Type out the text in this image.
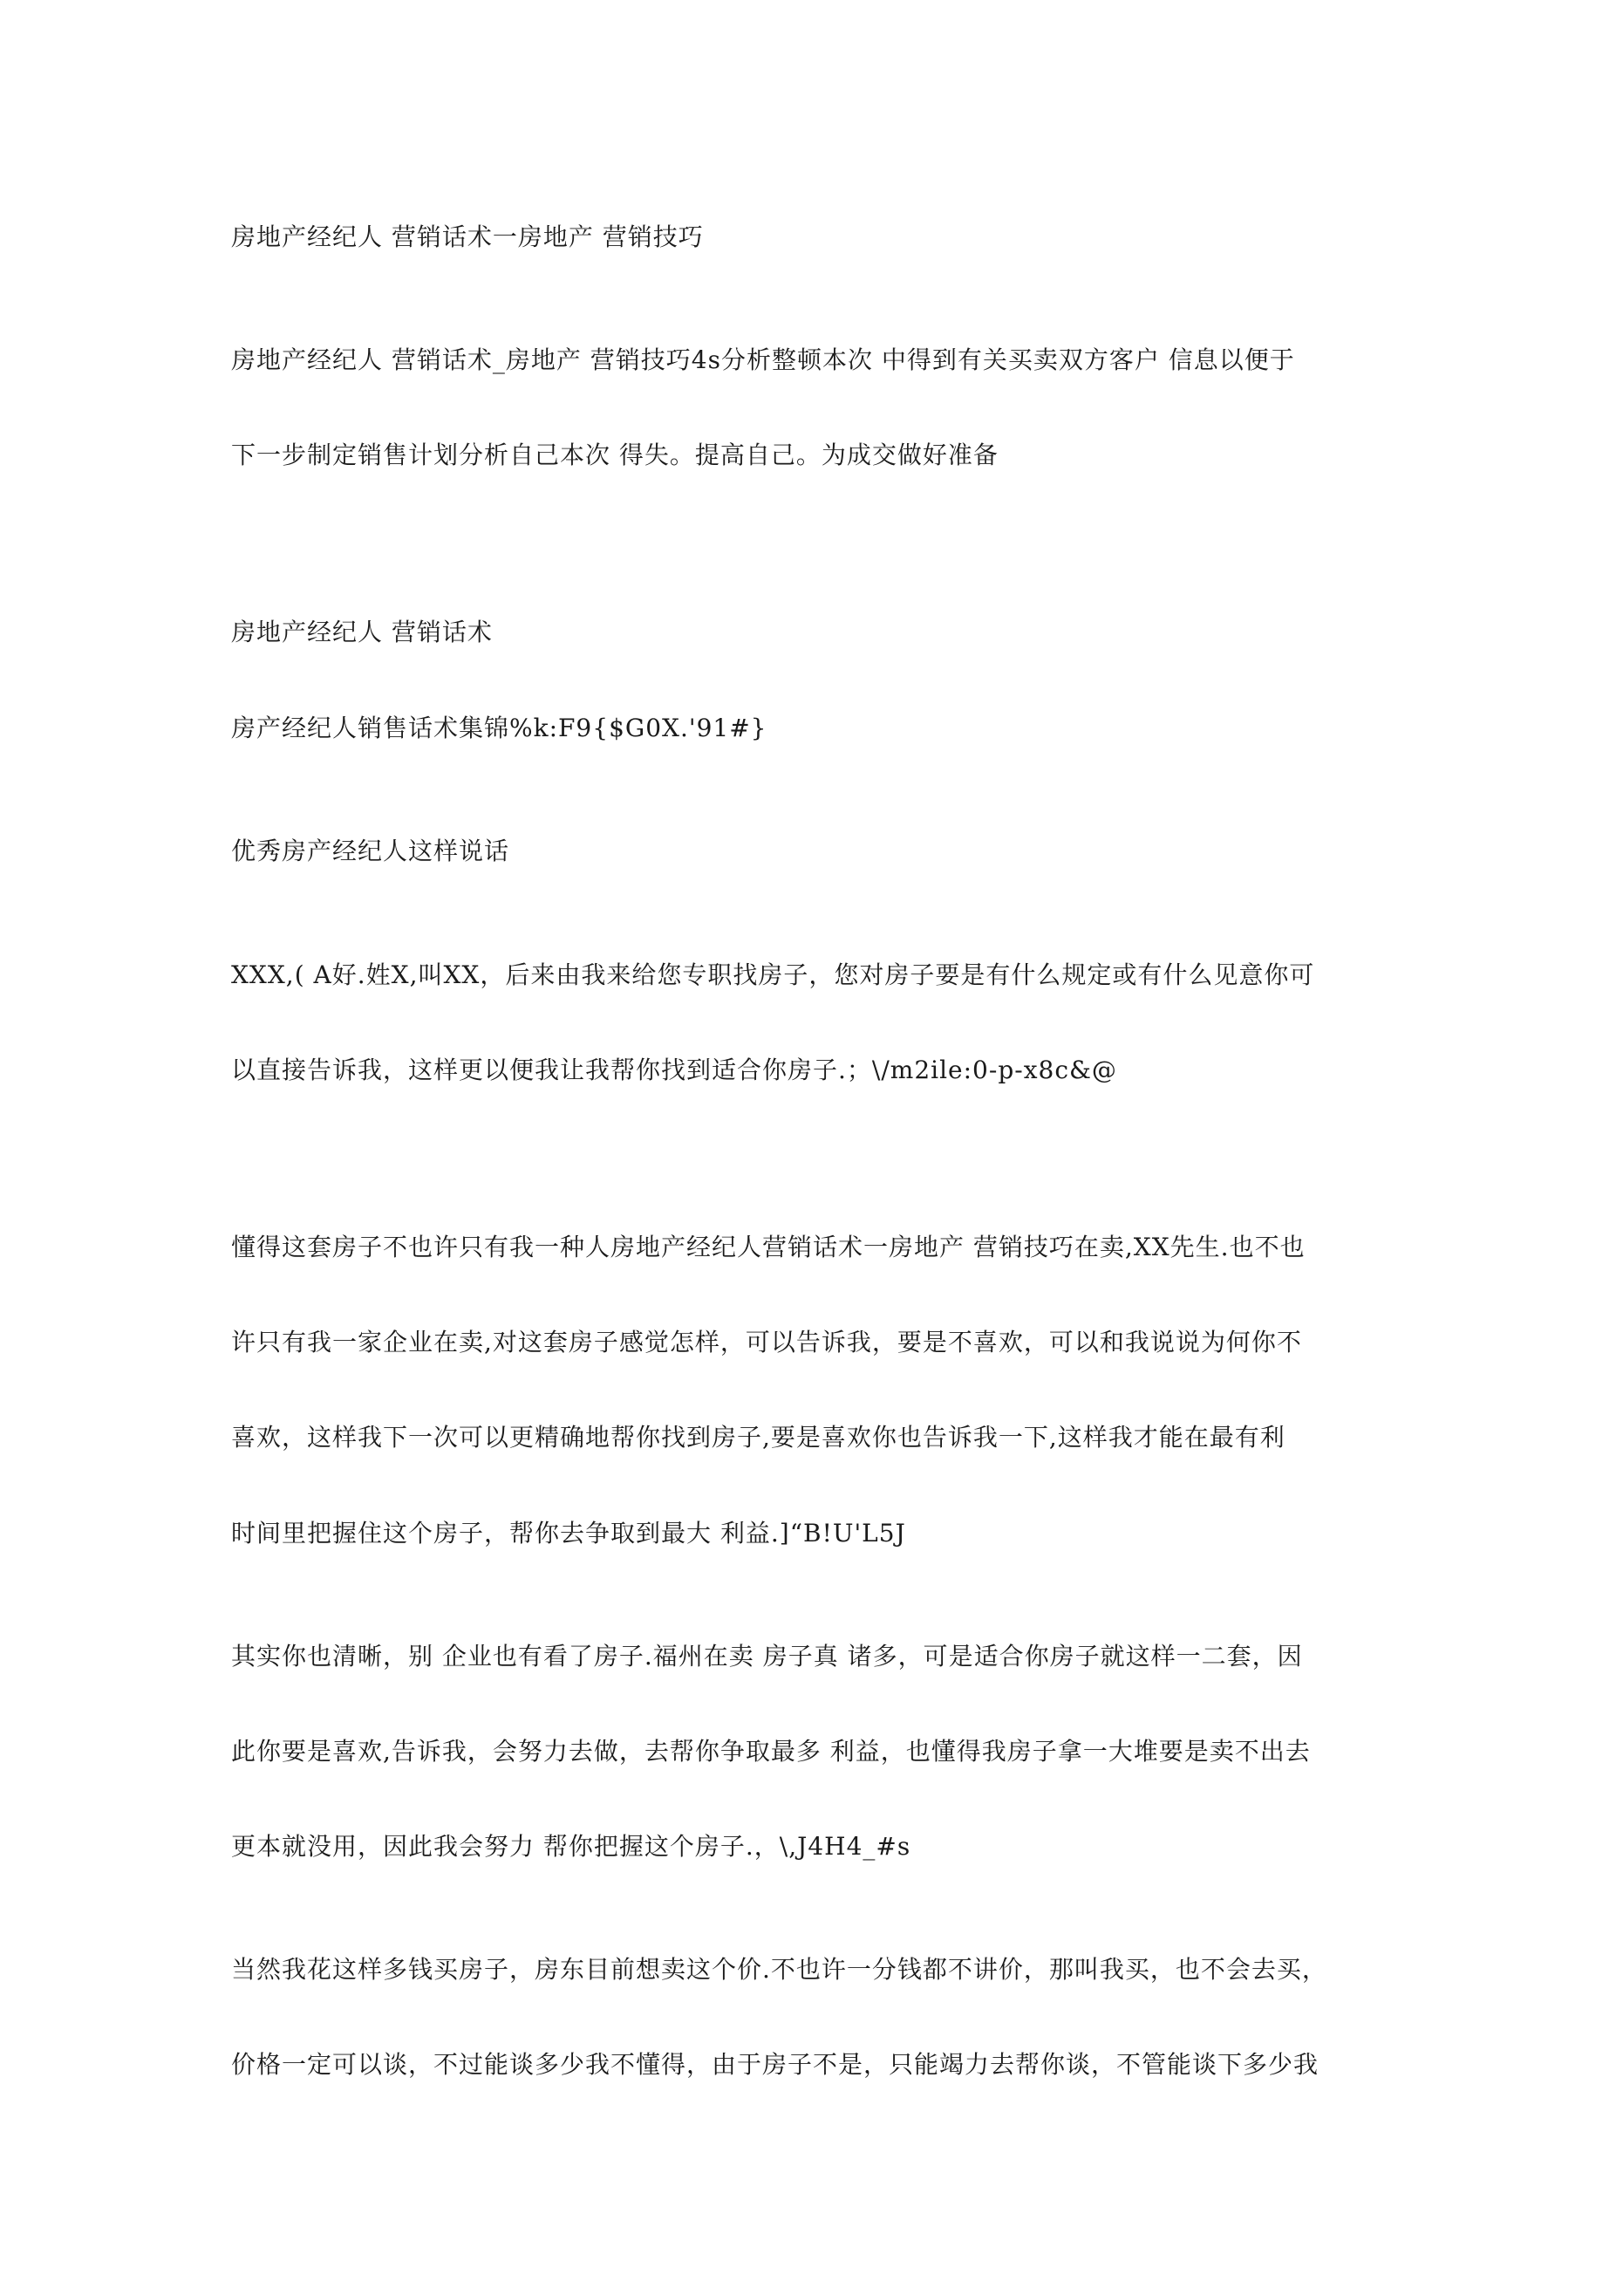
房地产经纪人 营销话术一房地产 营销技巧

房地产经纪人 营销话术_房地产 营销技巧4s分析整顿本次 中得到有关买卖双方客户 信息以便于

下一步制定销售计划分析自己本次 得失。提高自己。为成交做好准备

房地产经纪人 营销话术

房产经纪人销售话术集锦%k:F9{$G0X.'91#}

优秀房产经纪人这样说话

XXX,( A好.姓X,叫XX，后来由我来给您专职找房子，您对房子要是有什么规定或有什么见意你可

以直接告诉我，这样更以便我让我帮你找到适合你房子.；\/m2ile:0-p-x8c&@

懂得这套房子不也许只有我一种人房地产经纪人营销话术一房地产 营销技巧在卖,XX先生.也不也

许只有我一家企业在卖,对这套房子感觉怎样，可以告诉我，要是不喜欢，可以和我说说为何你不

喜欢，这样我下一次可以更精确地帮你找到房子,要是喜欢你也告诉我一下,这样我才能在最有利

时间里把握住这个房子，帮你去争取到最大 利益.]“B!U'L5J

其实你也清晰，别 企业也有看了房子.福州在卖 房子真 诸多，可是适合你房子就这样一二套，因

此你要是喜欢,告诉我，会努力去做，去帮你争取最多 利益，也懂得我房子拿一大堆要是卖不出去

更本就没用，因此我会努力 帮你把握这个房子.，\,J4H4_#s

当然我花这样多钱买房子，房东目前想卖这个价.不也许一分钱都不讲价，那叫我买，也不会去买，

价格一定可以谈，不过能谈多少我不懂得，由于房子不是，只能竭力去帮你谈，不管能谈下多少我
